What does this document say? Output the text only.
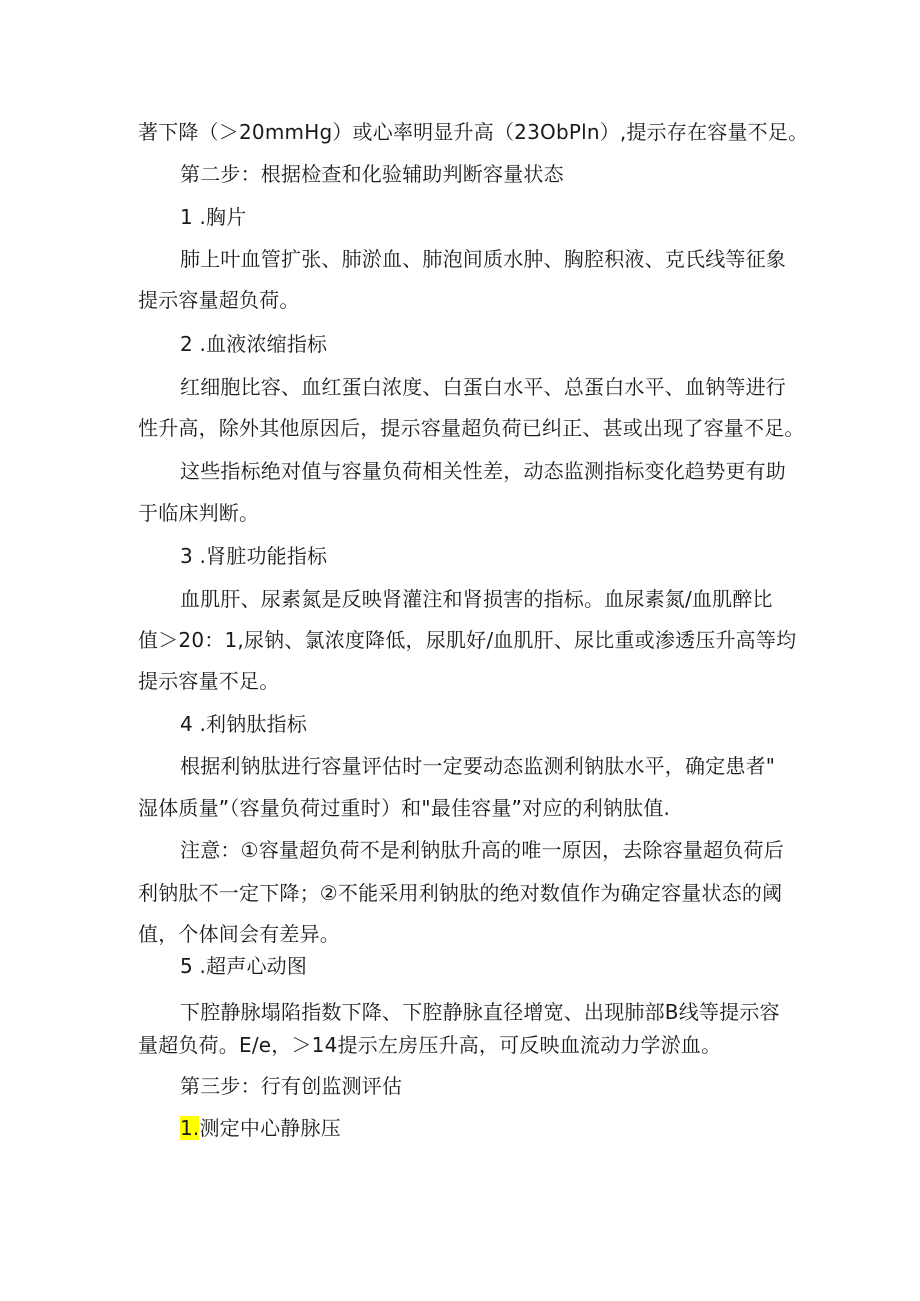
著下降（＞20mmHg）或心率明显升高（23ObPln）,提示存在容量不足。
第二步：根据检查和化验辅助判断容量状态
1 .胸片
肺上叶血管扩张、肺淤血、肺泡间质水肿、胸腔积液、克氏线等征象
提示容量超负荷。
2 .血液浓缩指标
红细胞比容、血红蛋白浓度、白蛋白水平、总蛋白水平、血钠等进行
性升高，除外其他原因后，提示容量超负荷已纠正、甚或出现了容量不足。
这些指标绝对值与容量负荷相关性差，动态监测指标变化趋势更有助
于临床判断。
3 .肾脏功能指标
血肌肝、尿素氮是反映肾灌注和肾损害的指标。血尿素氮/血肌醉比
值＞20：1,尿钠、氯浓度降低，尿肌好/血肌肝、尿比重或渗透压升高等均
提示容量不足。
4 .利钠肽指标
根据利钠肽进行容量评估时一定要动态监测利钠肽水平，确定患者"
湿体质量”（容量负荷过重时）和"最佳容量”对应的利钠肽值.
注意：①容量超负荷不是利钠肽升高的唯一原因，去除容量超负荷后
利钠肽不一定下降；②不能采用利钠肽的绝对数值作为确定容量状态的阈
值，个体间会有差异。
5 .超声心动图
下腔静脉塌陷指数下降、下腔静脉直径增宽、出现肺部B线等提示容
量超负荷。E/e，＞14提示左房压升高，可反映血流动力学淤血。
第三步：行有创监测评估
1.测定中心静脉压
